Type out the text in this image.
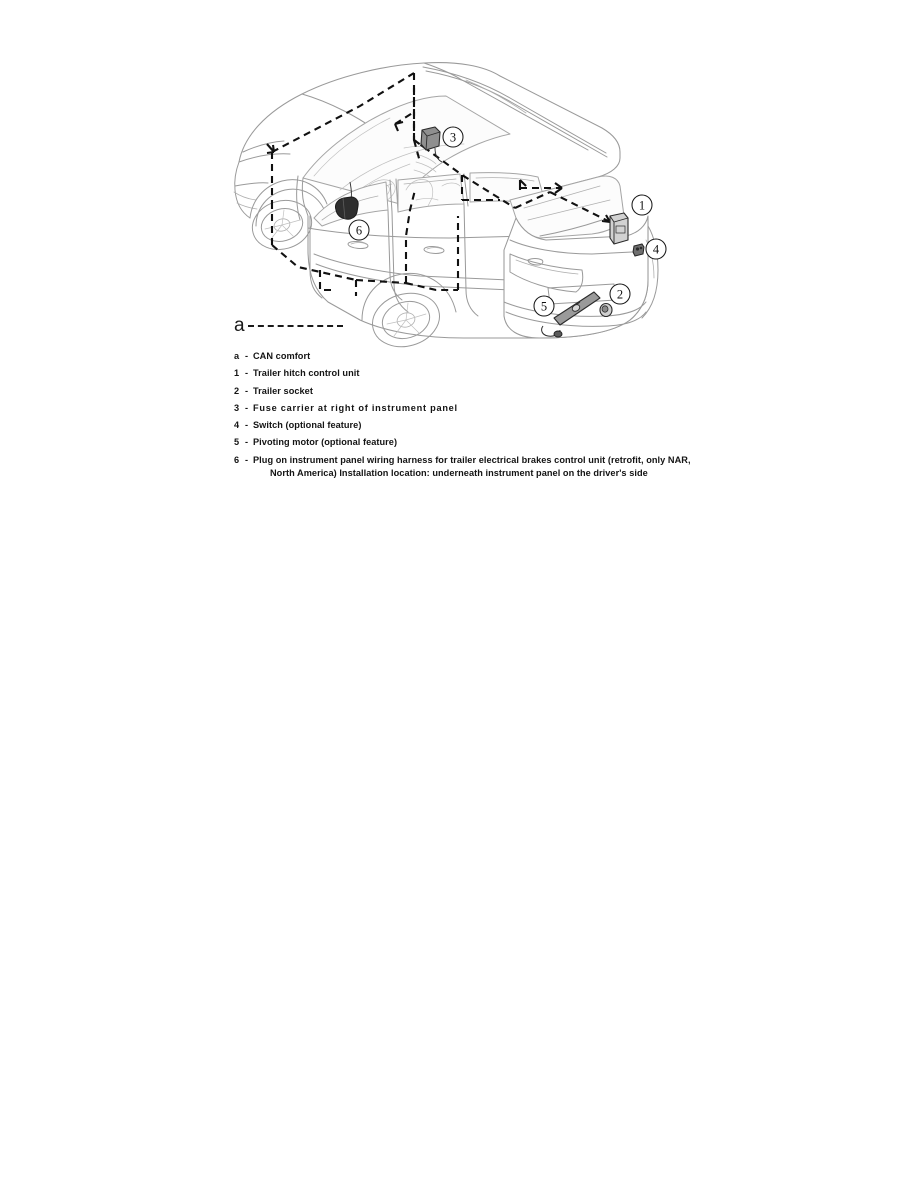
3
6
1
4
5
2
a
a - CAN comfort
1 - Trailer hitch control unit
2 - Trailer socket
3 - Fuse carrier at right of instrument panel
4 - Switch (optional feature)
5 - Pivoting motor (optional feature)
6 - Plug on instrument panel wiring harness for trailer electrical brakes control unit (retrofit, only NAR,
North America) Installation location: underneath instrument panel on the driver's side
